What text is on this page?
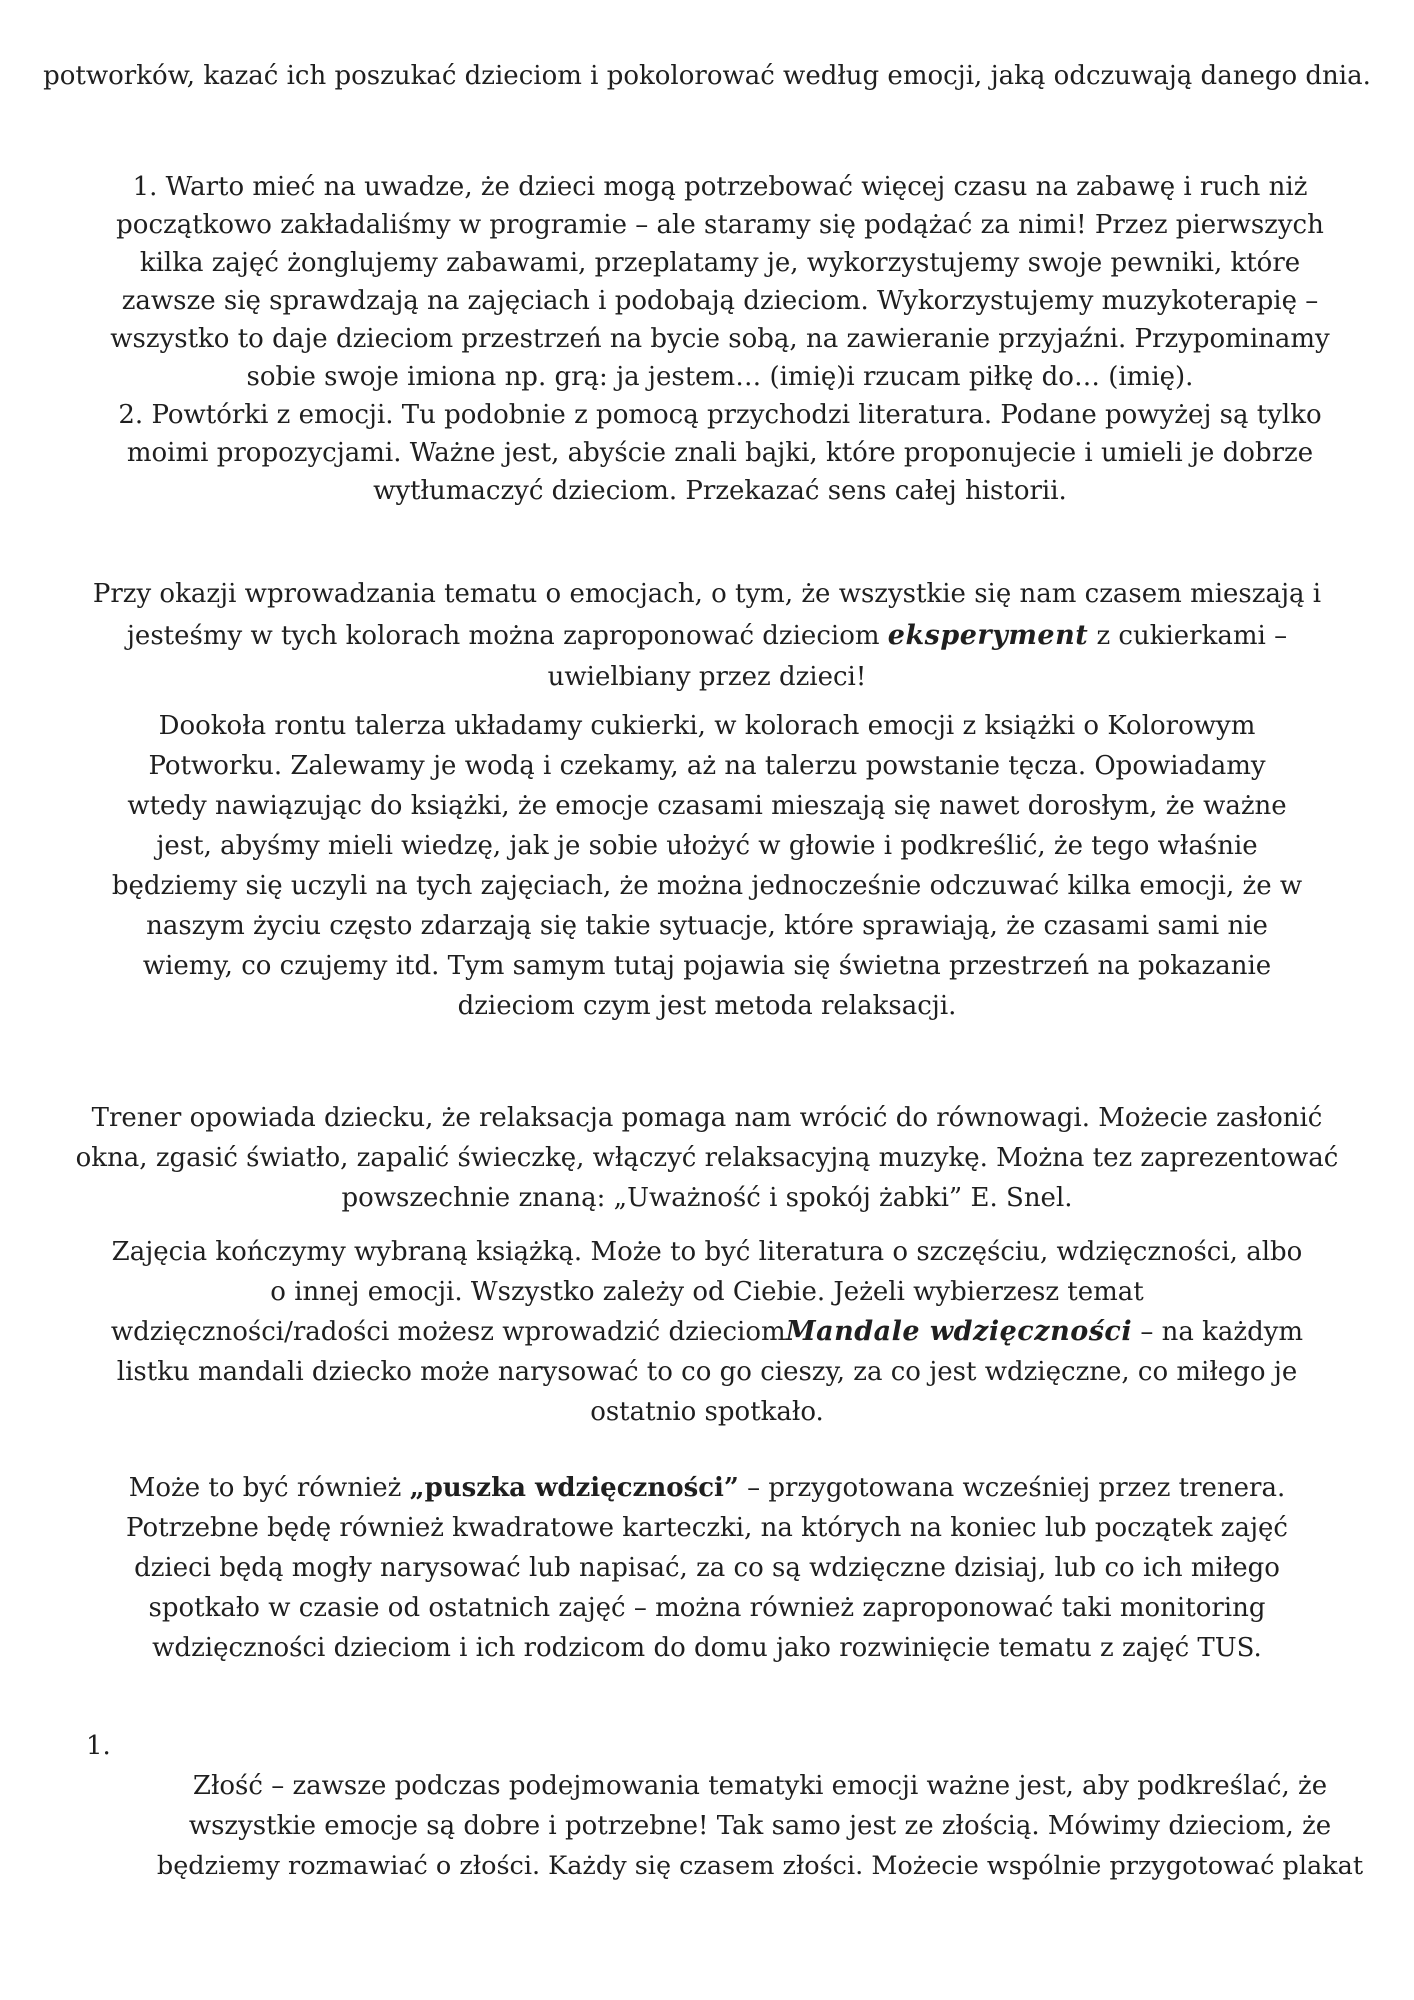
potworków, kazać ich poszukać dzieciom i pokolorować według emocji, jaką odczuwają danego dnia.
1. Warto mieć na uwadze, że dzieci mogą potrzebować więcej czasu na zabawę i ruch niż
początkowo zakładaliśmy w programie – ale staramy się podążać za nimi! Przez pierwszych
kilka zajęć żonglujemy zabawami, przeplatamy je, wykorzystujemy swoje pewniki, które
zawsze się sprawdzają na zajęciach i podobają dzieciom. Wykorzystujemy muzykoterapię –
wszystko to daje dzieciom przestrzeń na bycie sobą, na zawieranie przyjaźni. Przypominamy
sobie swoje imiona np. grą: ja jestem… (imię)i rzucam piłkę do… (imię).
2. Powtórki z emocji. Tu podobnie z pomocą przychodzi literatura. Podane powyżej są tylko
moimi propozycjami. Ważne jest, abyście znali bajki, które proponujecie i umieli je dobrze
wytłumaczyć dzieciom. Przekazać sens całej historii.
Przy okazji wprowadzania tematu o emocjach, o tym, że wszystkie się nam czasem mieszają i
jesteśmy w tych kolorach można zaproponować dzieciom eksperyment z cukierkami –
uwielbiany przez dzieci!
Dookoła rontu talerza układamy cukierki, w kolorach emocji z książki o Kolorowym
Potworku. Zalewamy je wodą i czekamy, aż na talerzu powstanie tęcza. Opowiadamy
wtedy nawiązując do książki, że emocje czasami mieszają się nawet dorosłym, że ważne
jest, abyśmy mieli wiedzę, jak je sobie ułożyć w głowie i podkreślić, że tego właśnie
będziemy się uczyli na tych zajęciach, że można jednocześnie odczuwać kilka emocji, że w
naszym życiu często zdarzają się takie sytuacje, które sprawiają, że czasami sami nie
wiemy, co czujemy itd. Tym samym tutaj pojawia się świetna przestrzeń na pokazanie
dzieciom czym jest metoda relaksacji.
Trener opowiada dziecku, że relaksacja pomaga nam wrócić do równowagi. Możecie zasłonić
okna, zgasić światło, zapalić świeczkę, włączyć relaksacyjną muzykę. Można tez zaprezentować
powszechnie znaną: „Uważność i spokój żabki” E. Snel.
Zajęcia kończymy wybraną książką. Może to być literatura o szczęściu, wdzięczności, albo
o innej emocji. Wszystko zależy od Ciebie. Jeżeli wybierzesz temat
wdzięczności/radości możesz wprowadzić dzieciomMandale wdzięczności – na każdym
listku mandali dziecko może narysować to co go cieszy, za co jest wdzięczne, co miłego je
ostatnio spotkało.
Może to być również „puszka wdzięczności” – przygotowana wcześniej przez trenera.
Potrzebne będę również kwadratowe karteczki, na których na koniec lub początek zajęć
dzieci będą mogły narysować lub napisać, za co są wdzięczne dzisiaj, lub co ich miłego
spotkało w czasie od ostatnich zajęć – można również zaproponować taki monitoring
wdzięczności dzieciom i ich rodzicom do domu jako rozwinięcie tematu z zajęć TUS.
1.
Złość – zawsze podczas podejmowania tematyki emocji ważne jest, aby podkreślać, że
wszystkie emocje są dobre i potrzebne! Tak samo jest ze złością. Mówimy dzieciom, że
będziemy rozmawiać o złości. Każdy się czasem złości. Możecie wspólnie przygotować plakat
